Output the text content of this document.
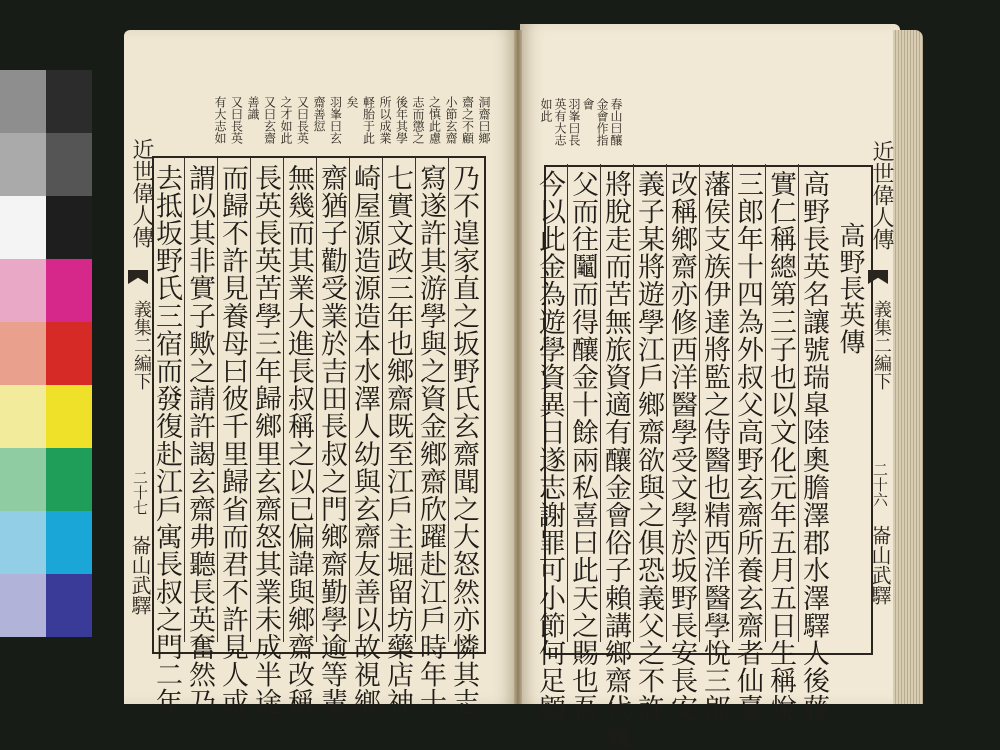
近世偉人傳
義集二編下
二十七
崙山武驛
洞齋曰鄉
齋之不顧
小節玄齋
之慎此慮
志而懲之
後年其學
所以成業
軽胎于此
矣
羽峯曰玄
齋善愆
又曰長英
之才如此
又曰玄齋
善識
又曰長英
有大志如
乃不遑家直之坂野氏玄齋聞之大怒然亦憐其志
寫遂許其游學與之資金鄉齋欣躍赴江戶時年十
七實文政三年也鄉齋既至江戶主堀留坊藥店神
崎屋源造源造本水澤人幼與玄齋友善以故視鄉
齋猶子勸受業於吉田長叔之門鄉齋勤學逾等輩
無幾而其業大進長叔稱之以已偏諱與鄉齋改稱
長英長英苦學三年歸鄉里玄齋怒其業未成半途
而歸不許見養母曰彼千里歸省而君不許見人或
謂以其非實子歟之請許謁玄齋弗聽長英奮然乃
去抵坂野氏三宿而發復赴江戶寓長叔之門二年	近世偉人傳
義集二編下
二十六
崙山武驛
春山曰釀
金會作指
會
羽峯曰長
英有大志
如此
高野長英傳
高野長英名讓號瑞皐陸奧膽澤郡水澤驛人後藤
實仁稱總第三子也以文化元年五月五日生稱悅
三郎年十四為外叔父高野玄齋所養玄齋者仙臺
藩侯支族伊達將監之侍醫也精西洋醫學悅三郎
改稱鄉齋亦修西洋醫學受文學於坂野長安長安
義子某將遊學江戶鄉齋欲與之俱恐義父之不許
將脫走而苦無旅資適有釀金會俗子賴講鄉齋代義
父而往鬮而得釀金十餘兩私喜曰此天之賜也吾
今以此金為遊學資異日遂志謝罪可小節何足顧
